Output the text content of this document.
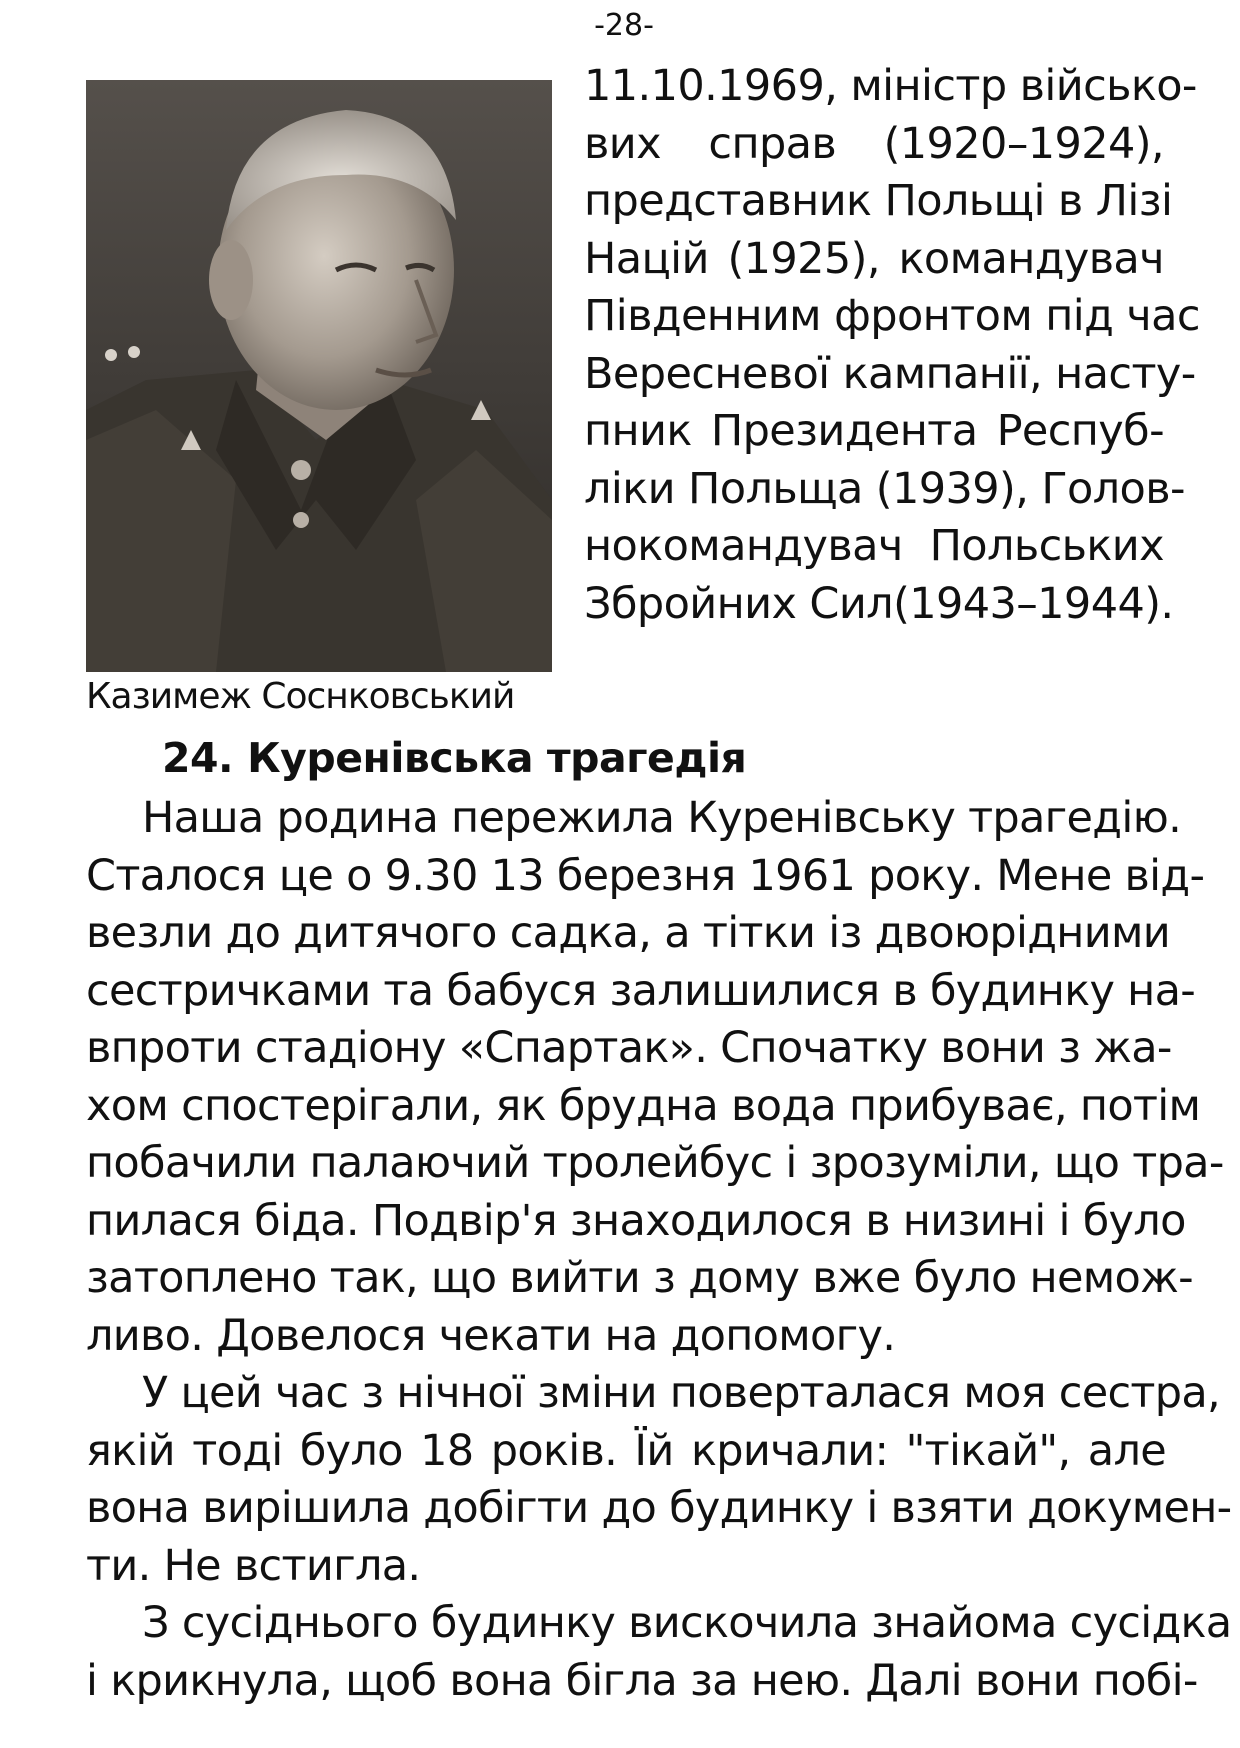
-28-
Казимеж Соснковський
11.10.1969, міністр військо-
вих справ (1920–1924),
представник Польщі в Лізі
Націй (1925), командувач
Південним фронтом під час
Вересневої кампанії, насту-
пник Президента Респуб-
ліки Польща (1939), Голов-
нокомандувач Польських
Збройних Сил(1943–1944).
24. Куренівська трагедія
Наша родина пережила Куренівську трагедію.
Сталося це о 9.30 13 березня 1961 року. Мене від-
везли до дитячого садка, а тітки із двоюрідними
сестричками та бабуся залишилися в будинку на-
впроти стадіону «Спартак». Спочатку вони з жа-
хом спостерігали, як брудна вода прибуває, потім
побачили палаючий тролейбус і зрозуміли, що тра-
пилася біда. Подвір'я знаходилося в низині і було
затоплено так, що вийти з дому вже було немож-
ливо. Довелося чекати на допомогу.
У цей час з нічної зміни поверталася моя сестра,
якій тоді було 18 років. Їй кричали: "тікай", але
вона вирішила добігти до будинку і взяти докумен-
ти. Не встигла.
З сусіднього будинку вискочила знайома сусідка
і крикнула, щоб вона бігла за нею. Далі вони побі-
